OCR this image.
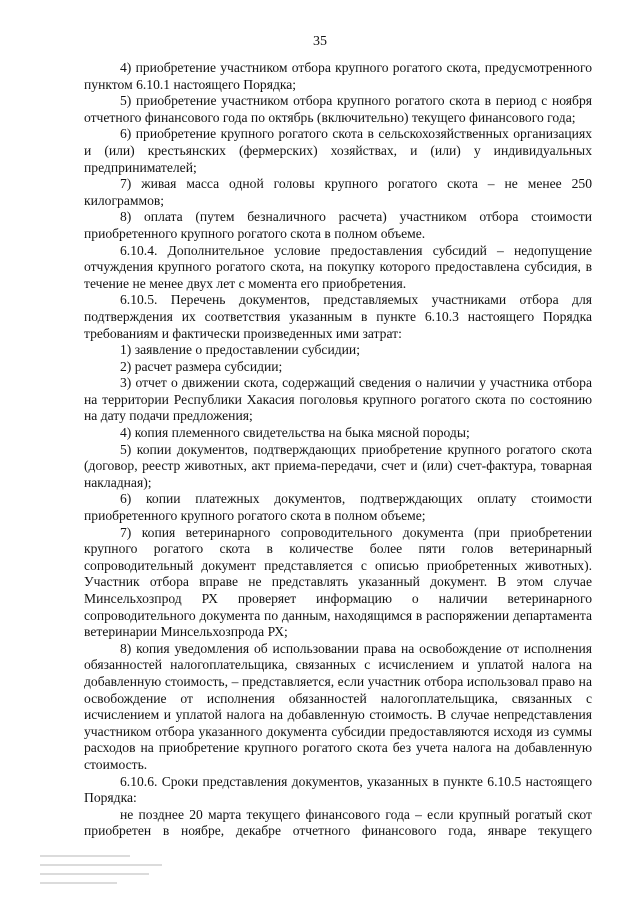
35

4) приобретение участником отбора крупного рогатого скота, предусмотренного пунктом 6.10.1 настоящего Порядка;

5) приобретение участником отбора крупного рогатого скота в период с ноября отчетного финансового года по октябрь (включительно) текущего финансового года;

6) приобретение крупного рогатого скота в сельскохозяйственных организациях и (или) крестьянских (фермерских) хозяйствах, и (или) у индивидуальных предпринимателей;

7) живая масса одной головы крупного рогатого скота – не менее 250 килограммов;

8) оплата (путем безналичного расчета) участником отбора стоимости приобретенного крупного рогатого скота в полном объеме.

6.10.4. Дополнительное условие предоставления субсидий – недопущение отчуждения крупного рогатого скота, на покупку которого предоставлена субсидия, в течение не менее двух лет с момента его приобретения.

6.10.5. Перечень документов, представляемых участниками отбора для подтверждения их соответствия указанным в пункте 6.10.3 настоящего Порядка требованиям и фактически произведенных ими затрат:

1) заявление о предоставлении субсидии;

2) расчет размера субсидии;

3) отчет о движении скота, содержащий сведения о наличии у участника отбора на территории Республики Хакасия поголовья крупного рогатого скота по состоянию на дату подачи предложения;

4) копия племенного свидетельства на быка мясной породы;

5) копии документов, подтверждающих приобретение крупного рогатого скота (договор, реестр животных, акт приема-передачи, счет и (или) счет-фактура, товарная накладная);

6) копии платежных документов, подтверждающих оплату стоимости приобретенного крупного рогатого скота в полном объеме;

7) копия ветеринарного сопроводительного документа (при приобретении крупного рогатого скота в количестве более пяти голов ветеринарный сопроводительный документ представляется с описью приобретенных животных). Участник отбора вправе не представлять указанный документ. В этом случае Минсельхозпрод РХ проверяет информацию о наличии ветеринарного сопроводительного документа по данным, находящимся в распоряжении департамента ветеринарии Минсельхозпрода РХ;

8) копия уведомления об использовании права на освобождение от исполнения обязанностей налогоплательщика, связанных с исчислением и уплатой налога на добавленную стоимость, – представляется, если участник отбора использовал право на освобождение от исполнения обязанностей налогоплательщика, связанных с исчислением и уплатой налога на добавленную стоимость. В случае непредставления участником отбора указанного документа субсидии предоставляются исходя из суммы расходов на приобретение крупного рогатого скота без учета налога на добавленную стоимость.

6.10.6. Сроки представления документов, указанных в пункте 6.10.5 настоящего Порядка:

не позднее 20 марта текущего финансового года – если крупный рогатый скот приобретен в ноябре, декабре отчетного финансового года, январе текущего
